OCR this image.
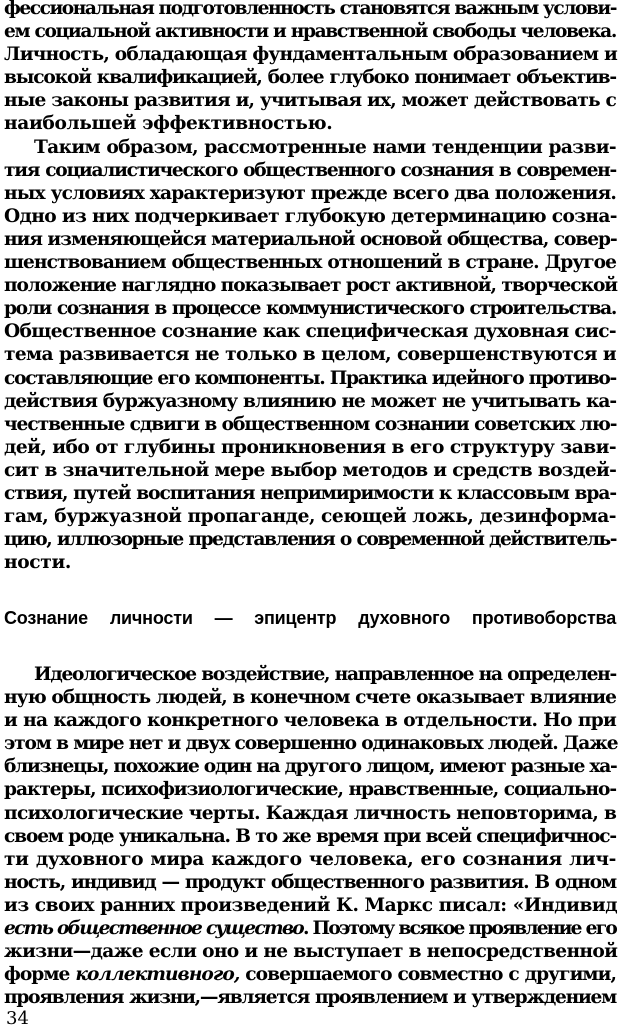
фессиональная подготовленность становятся важным услови-
ем социальной активности и нравственной свободы человека.
Личность, обладающая фундаментальным образованием и
высокой квалификацией, более глубоко понимает объектив-
ные законы развития и, учитывая их, может действовать с
наибольшей эффективностью.
Таким образом, рассмотренные нами тенденции разви-
тия социалистического общественного сознания в современ-
ных условиях характеризуют прежде всего два положения.
Одно из них подчеркивает глубокую детерминацию созна-
ния изменяющейся материальной основой общества, совер-
шенствованием общественных отношений в стране. Другое
положение наглядно показывает рост активной, творческой
роли сознания в процессе коммунистического строительства.
Общественное сознание как специфическая духовная сис-
тема развивается не только в целом, совершенствуются и
составляющие его компоненты. Практика идейного противо-
действия буржуазному влиянию не может не учитывать ка-
чественные сдвиги в общественном сознании советских лю-
дей, ибо от глубины проникновения в его структуру зави-
сит в значительной мере выбор методов и средств воздей-
ствия, путей воспитания непримиримости к классовым вра-
гам, буржуазной пропаганде, сеющей ложь, дезинформа-
цию, иллюзорные представления о современной действитель-
ности.
Сознание личности — эпицентр духовного противоборства
Идеологическое воздействие, направленное на определен-
ную общность людей, в конечном счете оказывает влияние
и на каждого конкретного человека в отдельности. Но при
этом в мире нет и двух совершенно одинаковых людей. Даже
близнецы, похожие один на другого лицом, имеют разные ха-
рактеры, психофизиологические, нравственные, социально-
психологические черты. Каждая личность неповторима, в
своем роде уникальна. В то же время при всей специфичнос-
ти духовного мира каждого человека, его сознания лич-
ность, индивид — продукт общественного развития. В одном
из своих ранних произведений К. Маркс писал: «Индивид
есть общественное существо. Поэтому всякое проявление его
жизни—даже если оно и не выступает в непосредственной
форме коллективного, совершаемого совместно с другими,
проявления жизни,—является проявлением и утверждением
34
